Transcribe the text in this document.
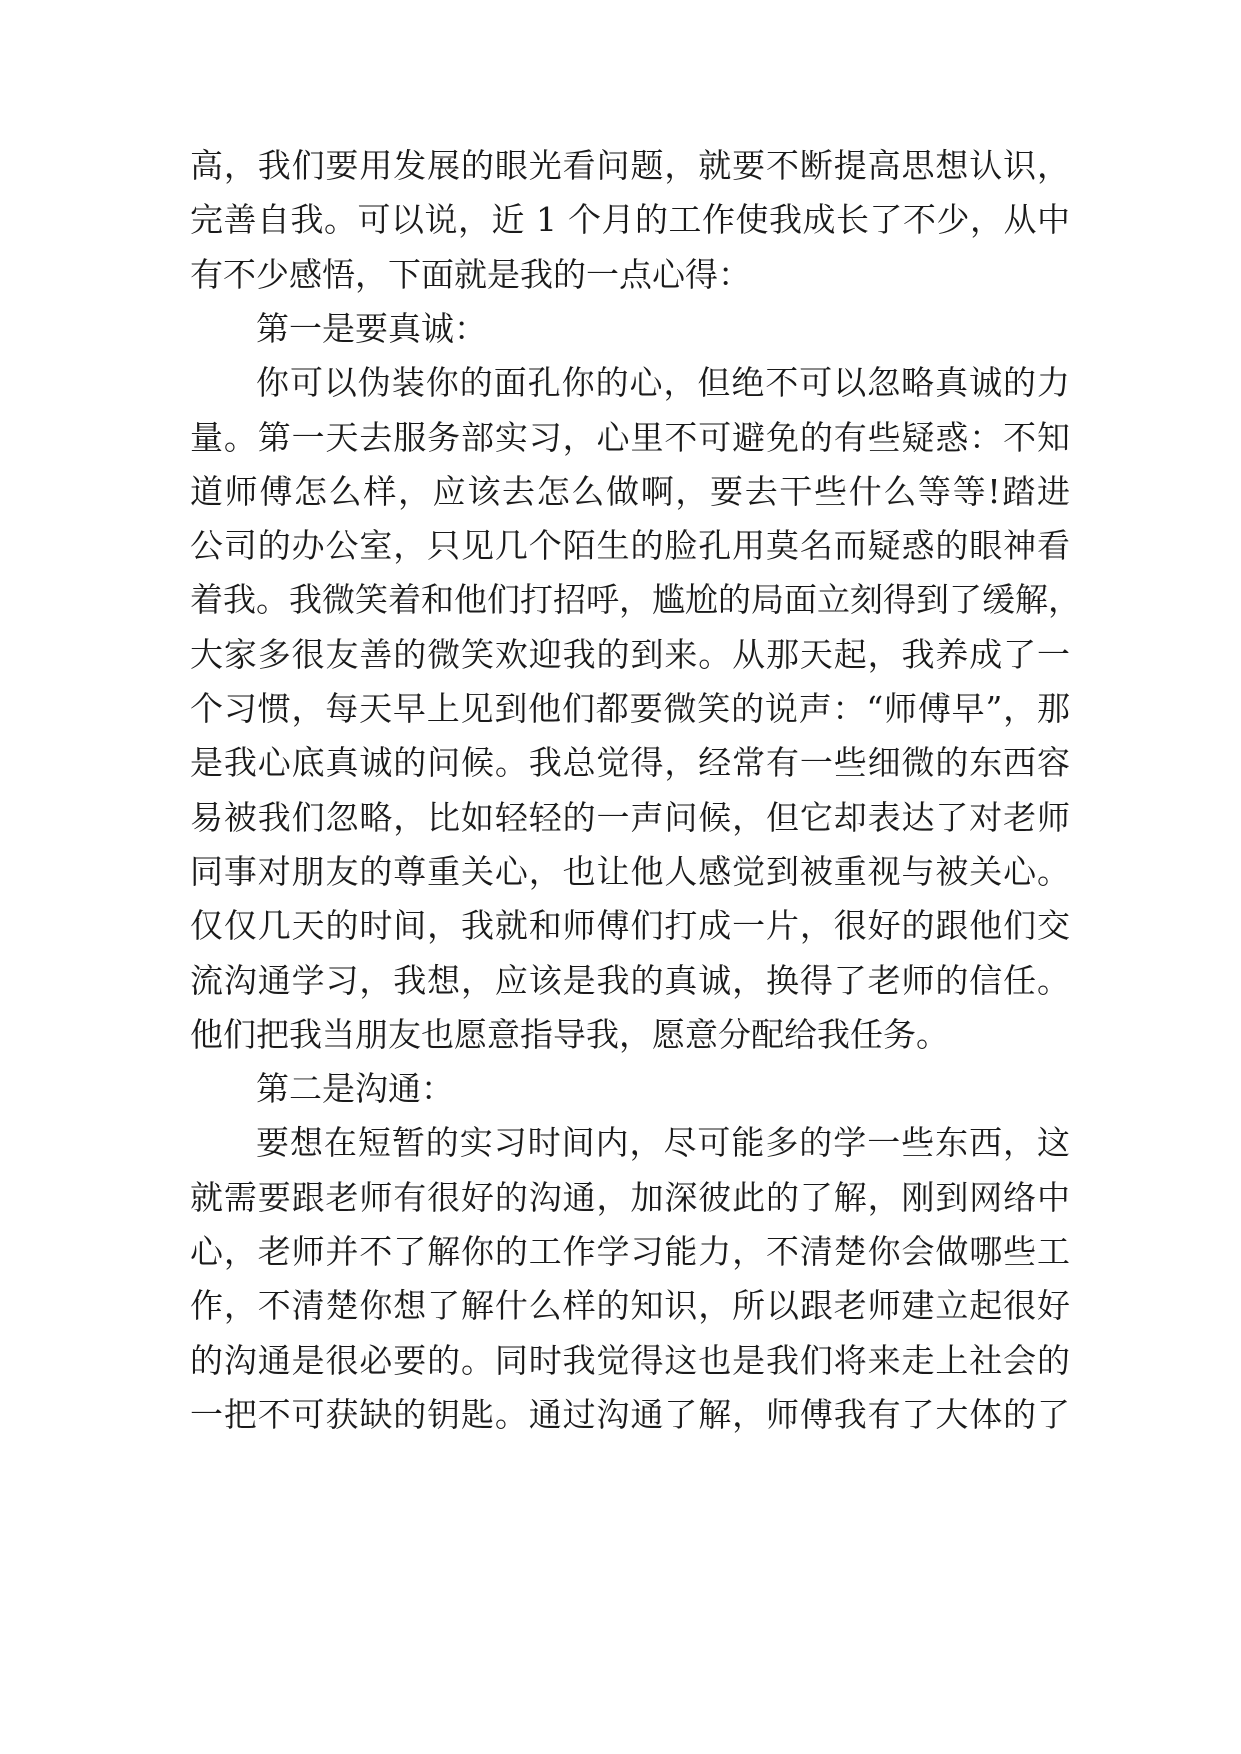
高，我们要用发展的眼光看问题，就要不断提高思想认识，
完善自我。可以说，近 1 个月的工作使我成长了不少，从中
有不少感悟，下面就是我的一点心得：
第一是要真诚：
你可以伪装你的面孔你的心，但绝不可以忽略真诚的力
量。第一天去服务部实习，心里不可避免的有些疑惑：不知
道师傅怎么样，应该去怎么做啊，要去干些什么等等!踏进
公司的办公室，只见几个陌生的脸孔用莫名而疑惑的眼神看
着我。我微笑着和他们打招呼，尴尬的局面立刻得到了缓解，
大家多很友善的微笑欢迎我的到来。从那天起，我养成了一
个习惯，每天早上见到他们都要微笑的说声：“师傅早”，那
是我心底真诚的问候。我总觉得，经常有一些细微的东西容
易被我们忽略，比如轻轻的一声问候，但它却表达了对老师
同事对朋友的尊重关心，也让他人感觉到被重视与被关心。
仅仅几天的时间，我就和师傅们打成一片，很好的跟他们交
流沟通学习，我想，应该是我的真诚，换得了老师的信任。
他们把我当朋友也愿意指导我，愿意分配给我任务。
第二是沟通：
要想在短暂的实习时间内，尽可能多的学一些东西，这
就需要跟老师有很好的沟通，加深彼此的了解，刚到网络中
心，老师并不了解你的工作学习能力，不清楚你会做哪些工
作，不清楚你想了解什么样的知识，所以跟老师建立起很好
的沟通是很必要的。同时我觉得这也是我们将来走上社会的
一把不可获缺的钥匙。通过沟通了解，师傅我有了大体的了
